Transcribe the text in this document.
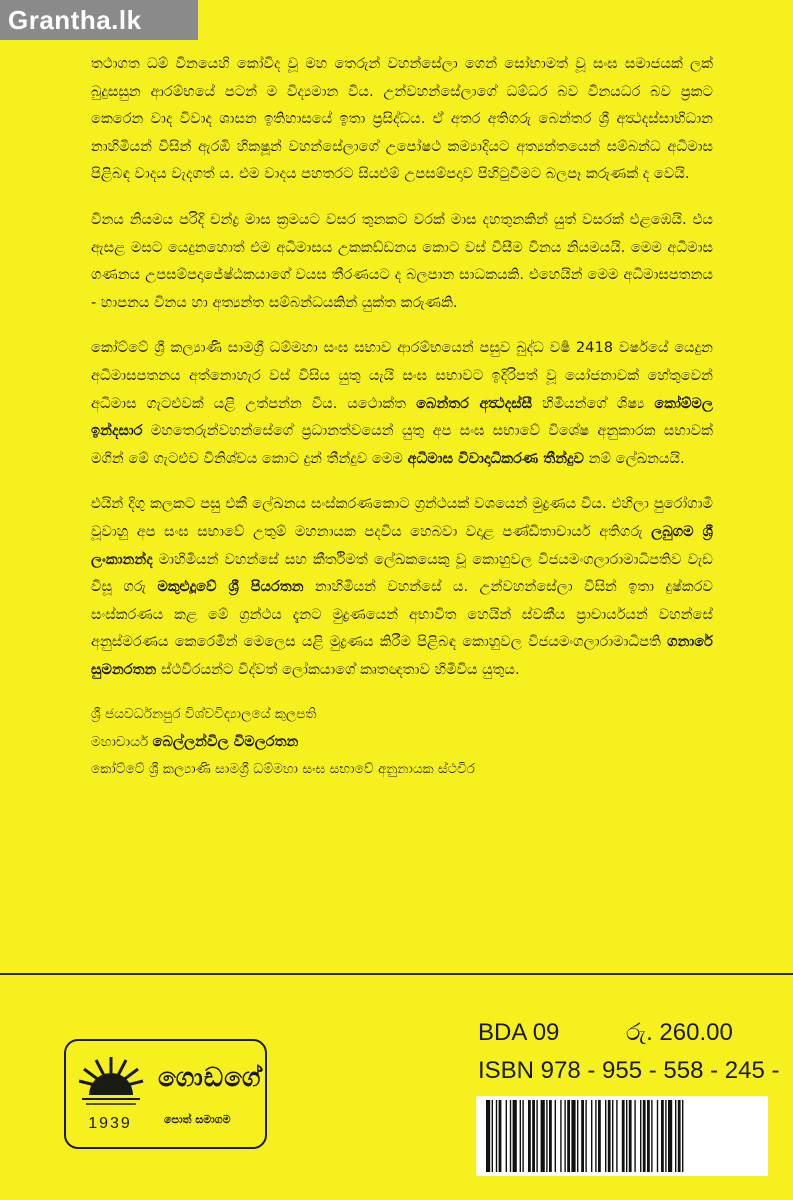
Grantha.lk

තථාගත ධම් විනයෙහි කෝවිද වූ මහ තෙරුන් වහන්සේලා ගෙන් සෝභාමත් වූ සංඝ සමාජයක් ලක් බුදුසසුන ආරම්භයේ පටන් ම විද්‍යමාන විය. උන්වහන්සේලාගේ ධම්ධර බව විනයධර බව ප්‍රකට කෙරෙන වාද විවාද ශාසන ඉතිහාසයේ ඉතා ප්‍රසිද්ධය. ඒ අතර අතිගරු බෙන්තර ශ්‍රී අත්‍ථදස්සාභිධාන නාහිමියන් විසින් ඇරඹි හිකෂූන් වහන්සේලාගේ උපෝෂථ කම්‍යාදියට අත්‍යන්තයෙන් සම්බන්ධ අධිමාස පිළිබඳ වාදය වැදගත් ය. එම වාදය පහතරට සියළුම් උපසම්පදාව පිහිටුවීමට බලපෑ කරුණක් ද වෙයි.

විනය නියමය පරිදි චන්ද්‍ර මාස ක්‍රමයට වසර තුනකට වරක් මාස දහතුනකින් යුත් වසරක් එළඹෙයි. එය ඇසළ මසට යෙදුනහොත් එම අධිමාසය උකකඩ්ඩනය කොට වස් විසීම විනය නියමයයි. මෙම අධිමාස ගණනය උපසම්පදාජේෂ්ඨකයාගේ වයස තීරණයට ද බලපාන සාධකයකි. එහෙයින් මෙම අධිමාසපතනය - හාපනය විනය හා අත්‍යන්ත සම්බන්ධයකින් යුක්ත කරුණකි.

කෝට්ටේ ශ්‍රී කල්‍යාණි සාමග්‍රී ධම්මහා සංඝ සභාව ආරම්භයෙන් පසුව බුද්ධ වර්‍ෂ 2418 වර්ෂයේ යෙදුන අධිමාසපතනය අත්නොහැර වස් විසිය යුතු යැයි සංඝ සභාවට ඉදිරිපත් වූ යෝජනාවක් හේතුවෙන් අධිමාස ගැටළුවක් යළි උත්පන්න විය. යථොක්ත බෙන්තර අත්‍ථදස්සී හිමියන්ගේ ශිෂ්‍ය කෝම්මල ඉන්දසාර මහතෙරුන්වහන්සේගේ ප්‍රධානත්වයෙන් යුතු අප සංඝ සභාවේ විශේෂ අනුකාරක සභාවක් මගින් මේ ගැටළුව විනිශ්චය කොට දුන් තීන්දුව මෙම අධිමාස විවාදාධිකරණ තීන්දුව නම් ලේඛනයයි.

එයින් දිගු කලකට පසු එකී ලේඛනය සංස්කරණකොට ග්‍රන්ථයක් වශයෙන් මුද්‍රණය විය. එහිලා පුරෝගාමී වූවාහු අප සංඝ සභාවේ උතුම් මහනායක පදවිය හෙබවා වදාළ පණ්ඩිතාචාර්ය අතිගරු ලබුගම ශ්‍රී ලංකානන්ද මාහිමියන් වහන්සේ සහ කීර්තිමත් ලේඛකයෙකු වූ කොහුවල විජයමංගලාරාමාධිපතිව වැඩ විසූ ගරු මකුළුදූවේ ශ්‍රී පියරතන නාහිමියන් වහන්සේ ය. උන්වහන්සේලා විසින් ඉතා දුෂ්කරව සංස්කරණය කළ මේ ග්‍රන්ථය දැනට මුද්‍රණයෙන් අභාවිත හෙයින් ස්වකීය ප්‍රාචාර්යයන් වහන්සේ අනුස්මරණය කෙරෙමින් මෙලෙස යළි මුද්‍රණය කිරීම පිළිබඳ කොහුවල විජයමංගලාරාමාධිපති ගනාරේ සුමනරතන ස්ථවිරයන්ට විද්වත් ලෝකයාගේ කෘතඥතාව හිමිවිය යුතුය.

ශ්‍රී ජයවර්ධනපුර විශ්වවිද්‍යාලයේ කුලපති
මහාචාර්ය බෙල්ලන්විල විමලරතන
කෝට්ටේ ශ්‍රී කල්‍යාණි සාමග්‍රී ධම්මහා සංඝ සභාවේ අනුනායක ස්ථවිර
BDA 09	රු. 260.00
ISBN 978 - 955 - 558 - 245 -
1939
ගොඩගේ
පොත් සමාගම
